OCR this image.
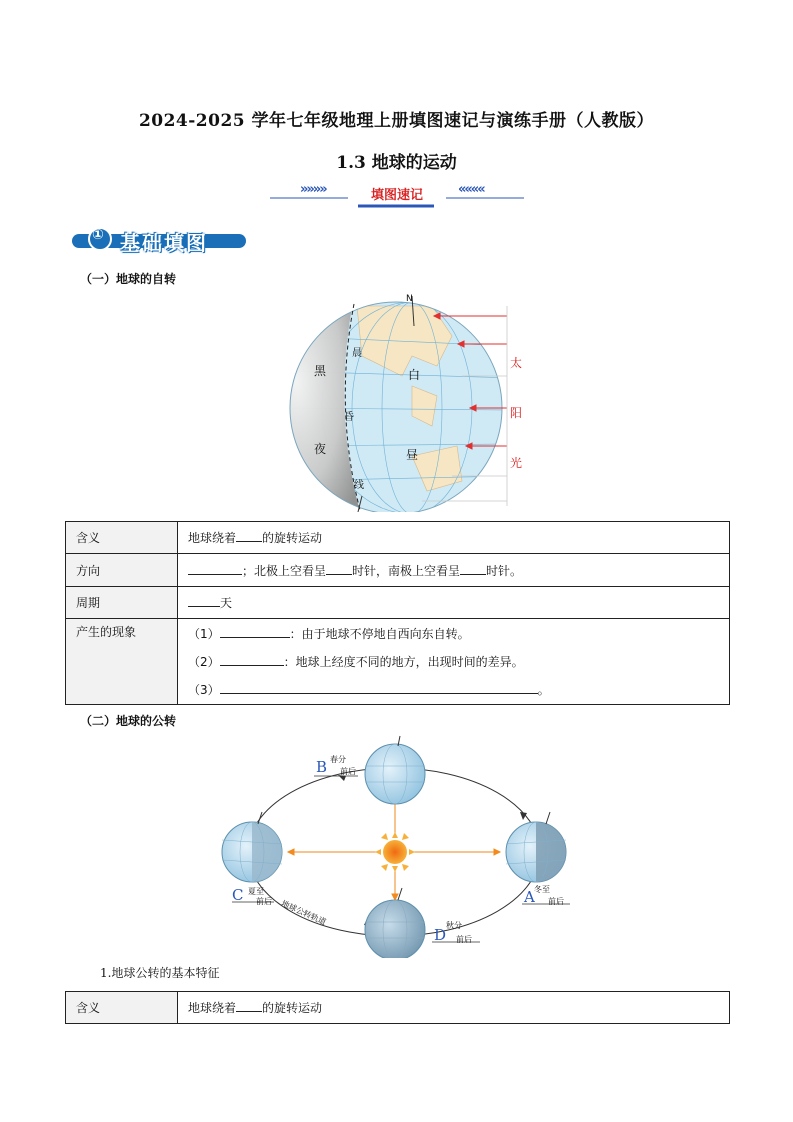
2024-2025 学年七年级地理上册填图速记与演练手册（人教版）
1.3 地球的运动
»»»»	填图速记	««««
① 基础填图
（一）地球的自转
黑
夜
白
昼
晨
昏
线
太
阳
光
N
含义	地球绕着 的旋转运动
方向	；北极上空看呈 时针，南极上空看呈 时针。
周期	天
产生的现象	（1） ：由于地球不停地自西向东自转。
（2） ：地球上经度不同的地方，出现时间的差异。
（3） 。
（二）地球的公转
B 春分
前后
C 夏至
前后	A 冬至
前后
D
秋分
前后
地球公转轨道
1.地球公转的基本特征
含义	地球绕着 的旋转运动
